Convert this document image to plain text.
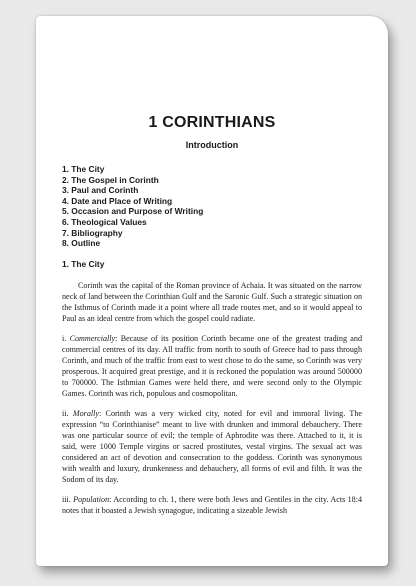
1 CORINTHIANS
Introduction
1. The City
2. The Gospel in Corinth
3. Paul and Corinth
4. Date and Place of Writing
5. Occasion and Purpose of Writing
6. Theological Values
7. Bibliography
8. Outline
1. The City

Corinth was the capital of the Roman province of Achaia. It was situated on the narrow neck of land between the Corinthian Gulf and the Saronic Gulf. Such a strategic situation on the Isthmus of Corinth made it a point where all trade routes met, and so it would appeal to Paul as an ideal centre from which the gospel could radiate.

i. Commercially: Because of its position Corinth became one of the greatest trading and commercial centres of its day. All traffic from north to south of Greece had to pass through Corinth, and much of the traffic from east to west chose to do the same, so Corinth was very prosperous. It acquired great prestige, and it is reckoned the population was around 500000 to 700000. The Isthmian Games were held there, and were second only to the Olympic Games. Corinth was rich, populous and cosmopolitan.

ii. Morally: Corinth was a very wicked city, noted for evil and immoral living. The expression “to Corinthianise” meant to live with drunken and immoral debauchery. There was one particular source of evil; the temple of Aphrodite was there. Attached to it, it is said, were 1000 Temple virgins or sacred prostitutes, vestal virgins. The sexual act was considered an act of devotion and consecration to the goddess. Corinth was synonymous with wealth and luxury, drunkenness and debauchery, all forms of evil and filth. It was the Sodom of its day.

iii. Population: According to ch. 1, there were both Jews and Gentiles in the city. Acts 18:4 notes that it boasted a Jewish synagogue, indicating a sizeable Jewish
